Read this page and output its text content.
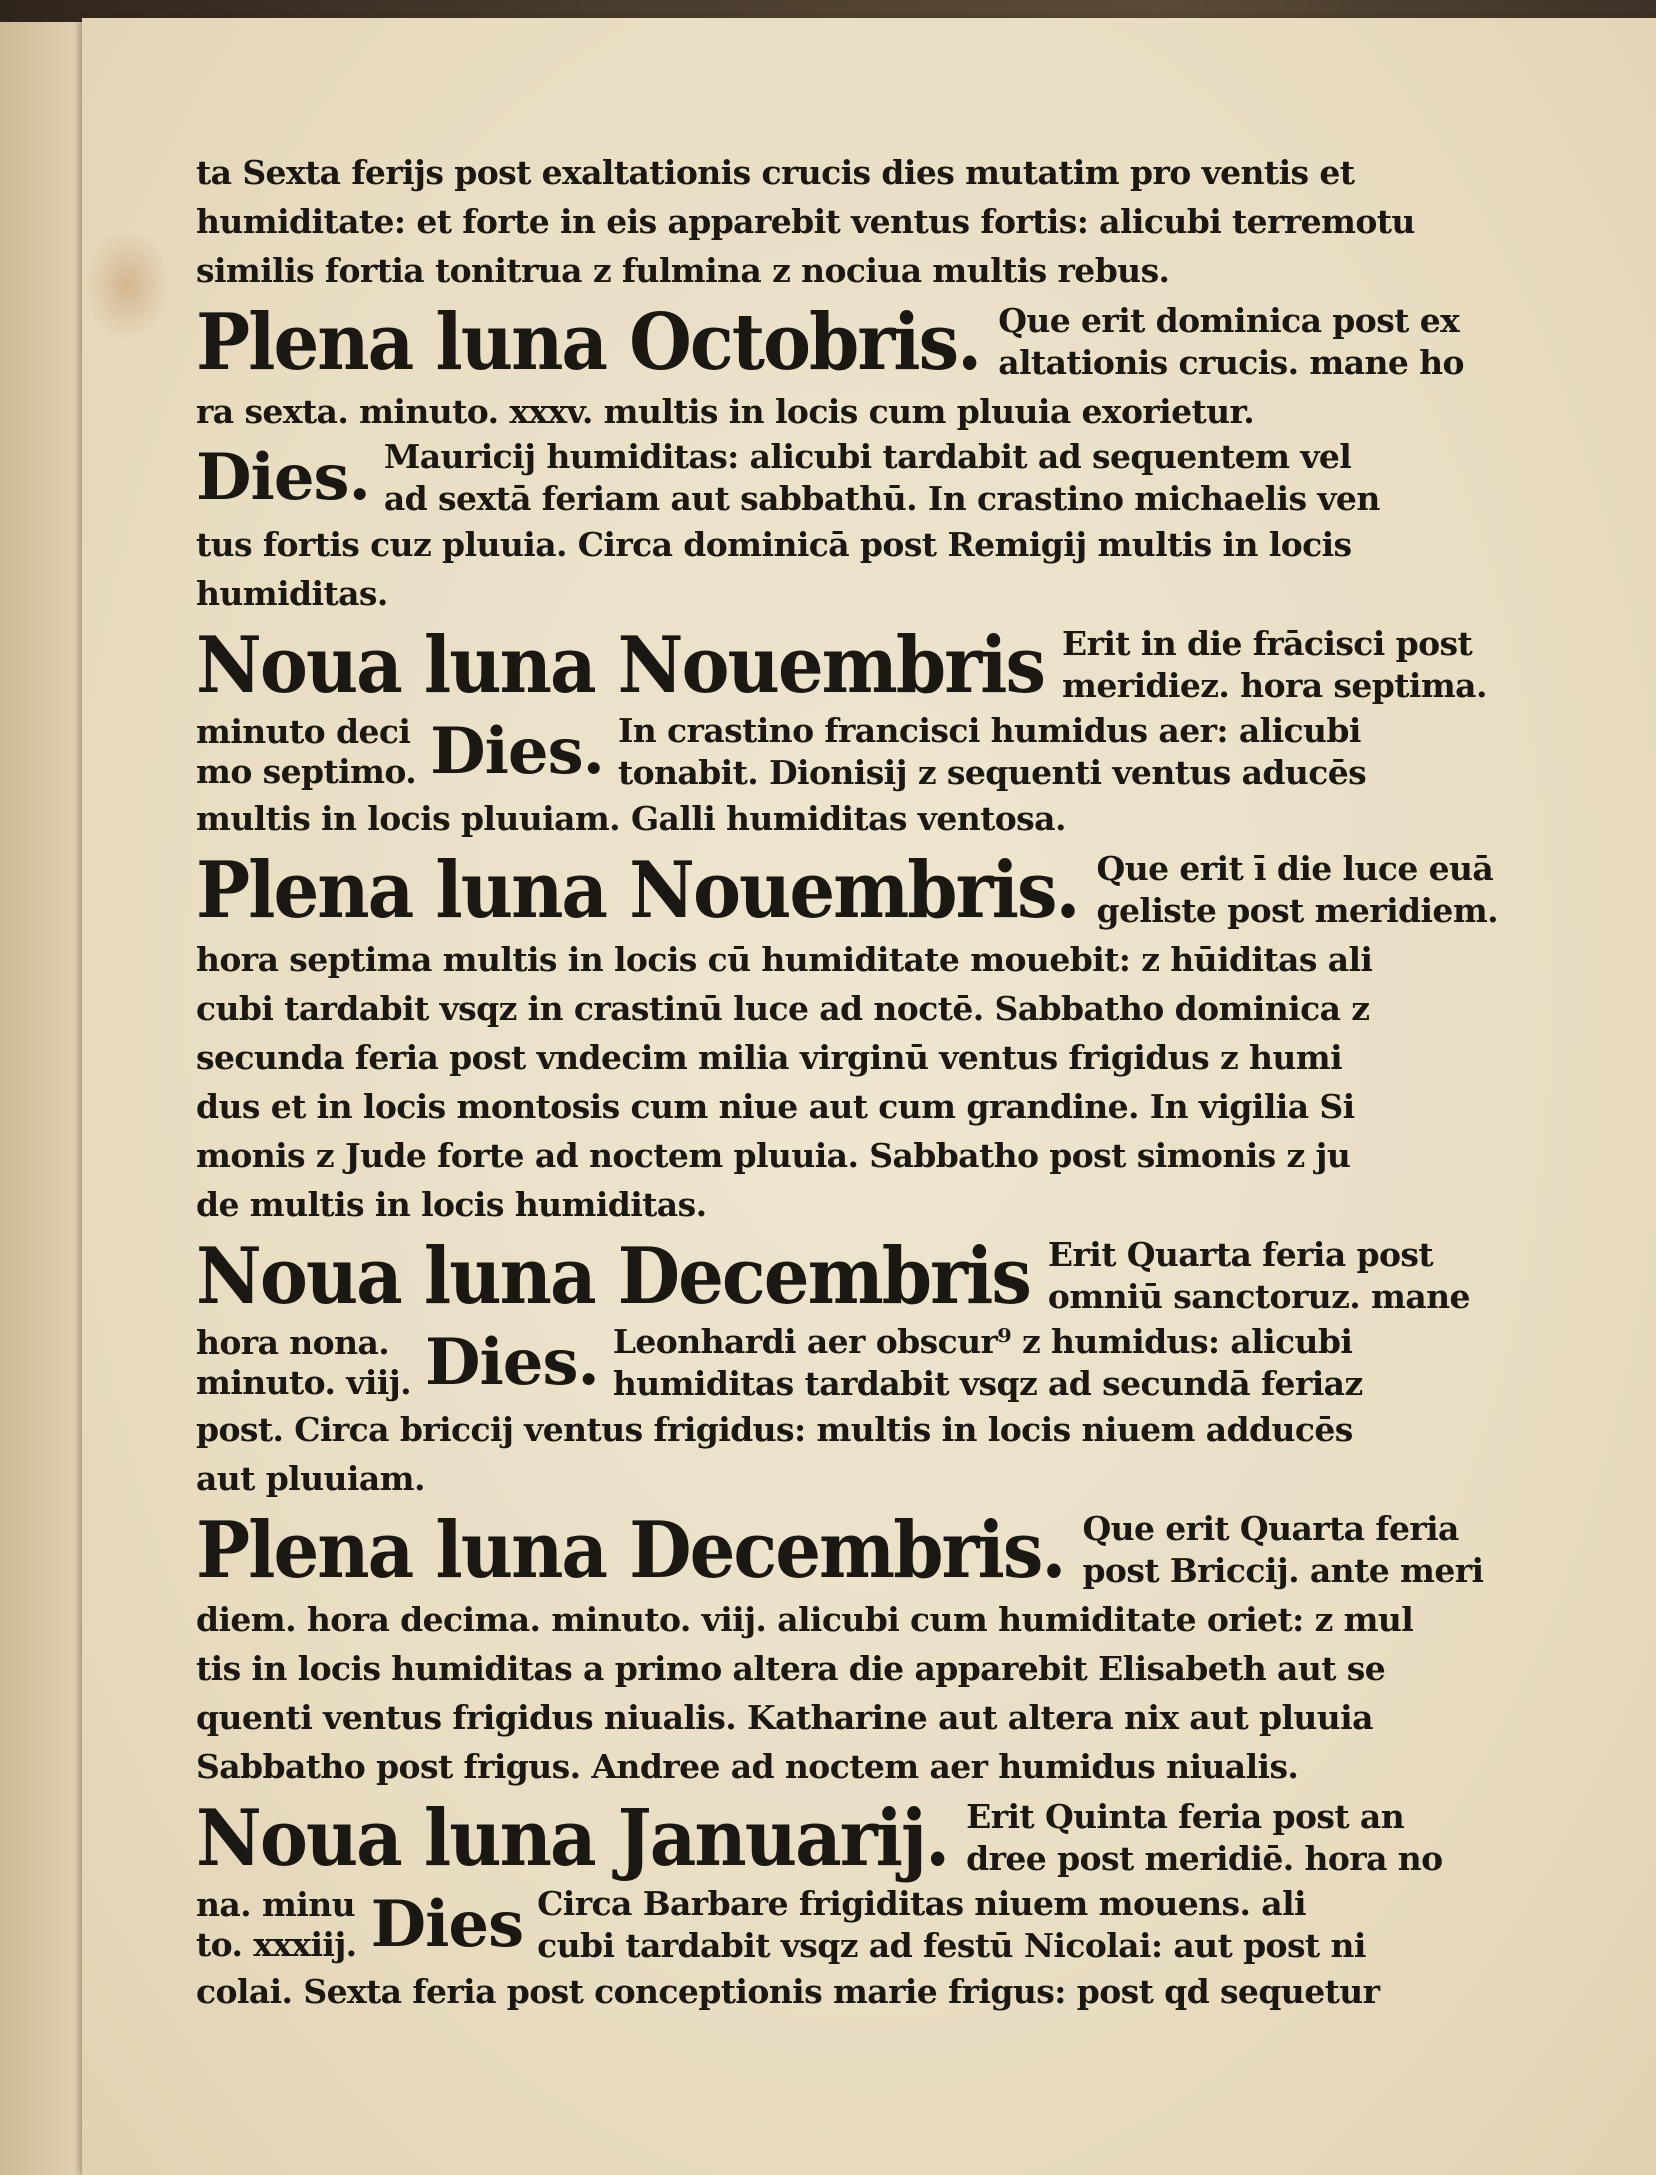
ta Sexta ferijs post exaltationis crucis dies mutatim pro ventis et
humiditate: et forte in eis apparebit ventus fortis: alicubi terremotu
similis fortia tonitrua z fulmina z nociua multis rebus.
Plena luna Octobris. Que erit dominica post ex
altationis crucis. mane ho
ra sexta. minuto. xxxv. multis in locis cum pluuia exorietur.
Dies. Mauricij humiditas: alicubi tardabit ad sequentem vel
ad sextā feriam aut sabbathū. In crastino michaelis ven
tus fortis cuz pluuia. Circa dominicā post Remigij multis in locis
humiditas.
Noua luna Nouembris Erit in die frācisci post
meridiez. hora septima.
minuto deci
mo septimo. Dies. In crastino francisci humidus aer: alicubi
tonabit. Dionisij z sequenti ventus aducēs
multis in locis pluuiam. Galli humiditas ventosa.
Plena luna Nouembris. Que erit ī die luce euā
geliste post meridiem.
hora septima multis in locis cū humiditate mouebit: z hūiditas ali
cubi tardabit vsqz in crastinū luce ad noctē. Sabbatho dominica z
secunda feria post vndecim milia virginū ventus frigidus z humi
dus et in locis montosis cum niue aut cum grandine. In vigilia Si
monis z Jude forte ad noctem pluuia. Sabbatho post simonis z ju
de multis in locis humiditas.
Noua luna Decembris Erit Quarta feria post
omniū sanctoruz. mane
hora nona.
minuto. viij. Dies. Leonhardi aer obscur⁹ z humidus: alicubi
humiditas tardabit vsqz ad secundā feriaz
post. Circa briccij ventus frigidus: multis in locis niuem adducēs
aut pluuiam.
Plena luna Decembris. Que erit Quarta feria
post Briccij. ante meri
diem. hora decima. minuto. viij. alicubi cum humiditate oriet: z mul
tis in locis humiditas a primo altera die apparebit Elisabeth aut se
quenti ventus frigidus niualis. Katharine aut altera nix aut pluuia
Sabbatho post frigus. Andree ad noctem aer humidus niualis.
Noua luna Januarij. Erit Quinta feria post an
dree post meridiē. hora no
na. minu
to. xxxiij. Dies Circa Barbare frigiditas niuem mouens. ali
cubi tardabit vsqz ad festū Nicolai: aut post ni
colai. Sexta feria post conceptionis marie frigus: post qd sequetur
